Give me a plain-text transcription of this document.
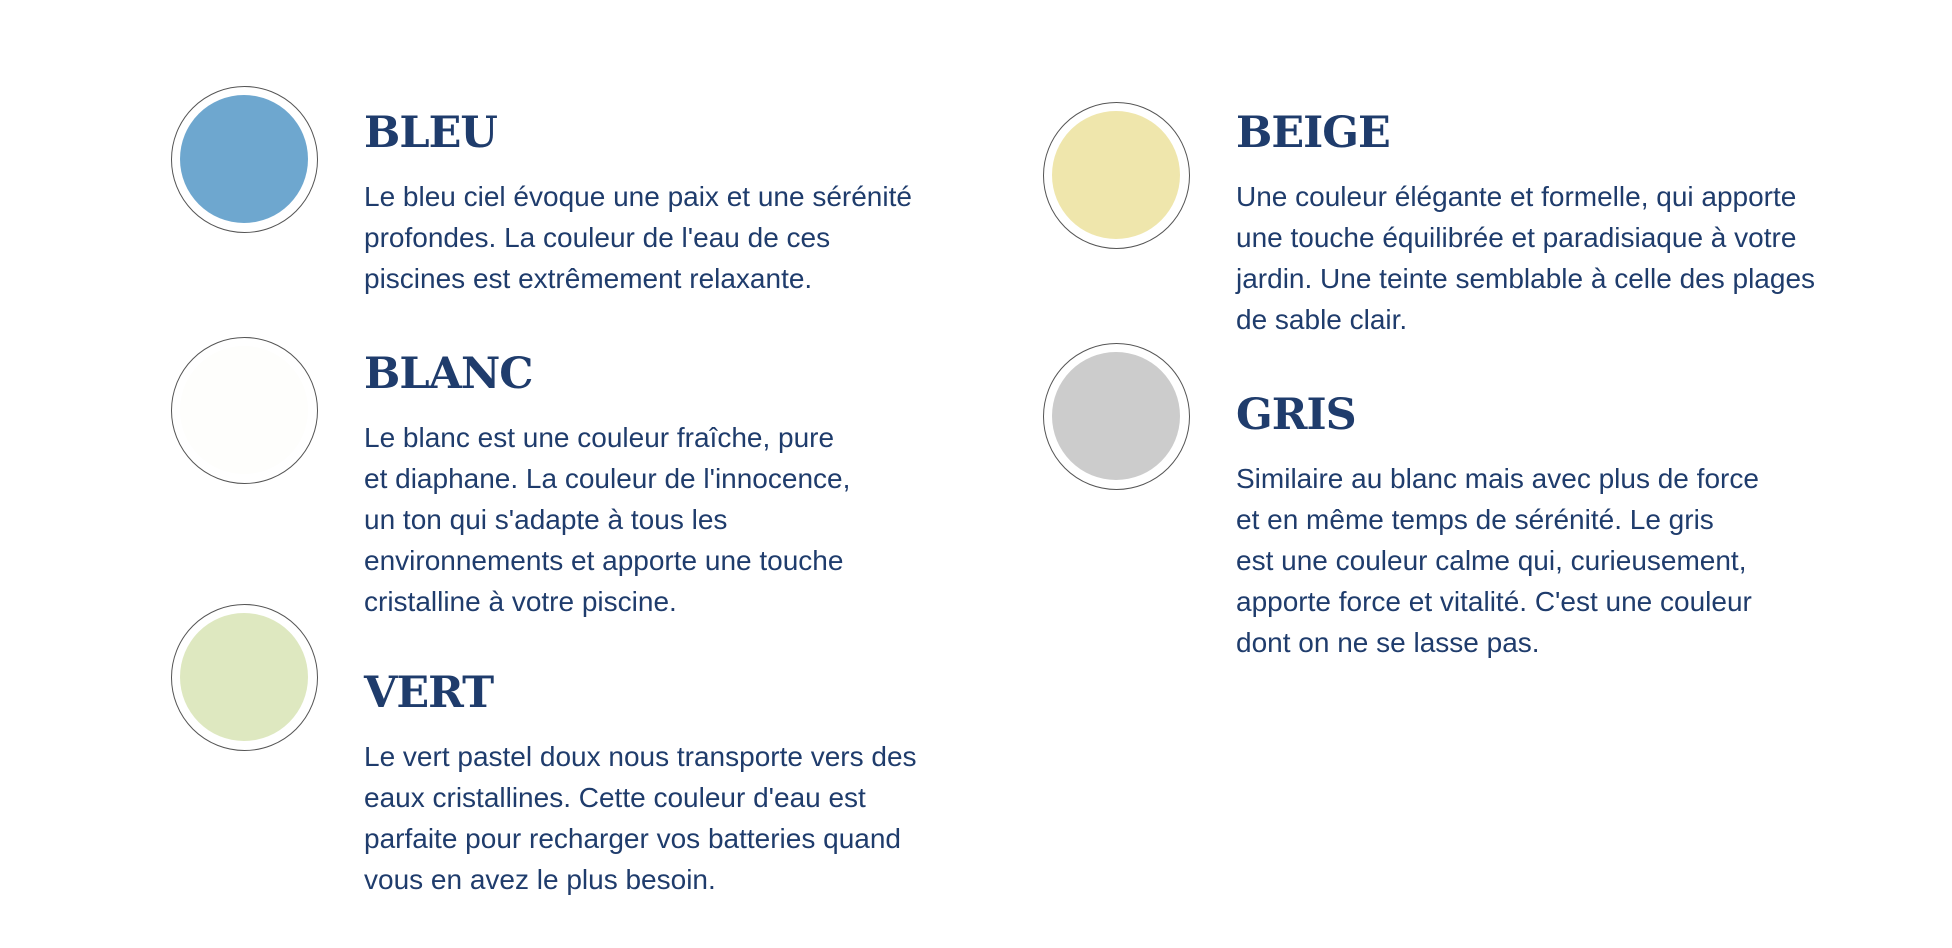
BLEU
Le bleu ciel évoque une paix et une sérénité
profondes. La couleur de l'eau de ces
piscines est extrêmement relaxante.
BLANC
Le blanc est une couleur fraîche, pure
et diaphane. La couleur de l'innocence,
un ton qui s'adapte à tous les
environnements et apporte une touche
cristalline à votre piscine.
VERT
Le vert pastel doux nous transporte vers des
eaux cristallines. Cette couleur d'eau est
parfaite pour recharger vos batteries quand
vous en avez le plus besoin.
BEIGE
Une couleur élégante et formelle, qui apporte
une touche équilibrée et paradisiaque à votre
jardin. Une teinte semblable à celle des plages
de sable clair.
GRIS
Similaire au blanc mais avec plus de force
et en même temps de sérénité. Le gris
est une couleur calme qui, curieusement,
apporte force et vitalité. C'est une couleur
dont on ne se lasse pas.
